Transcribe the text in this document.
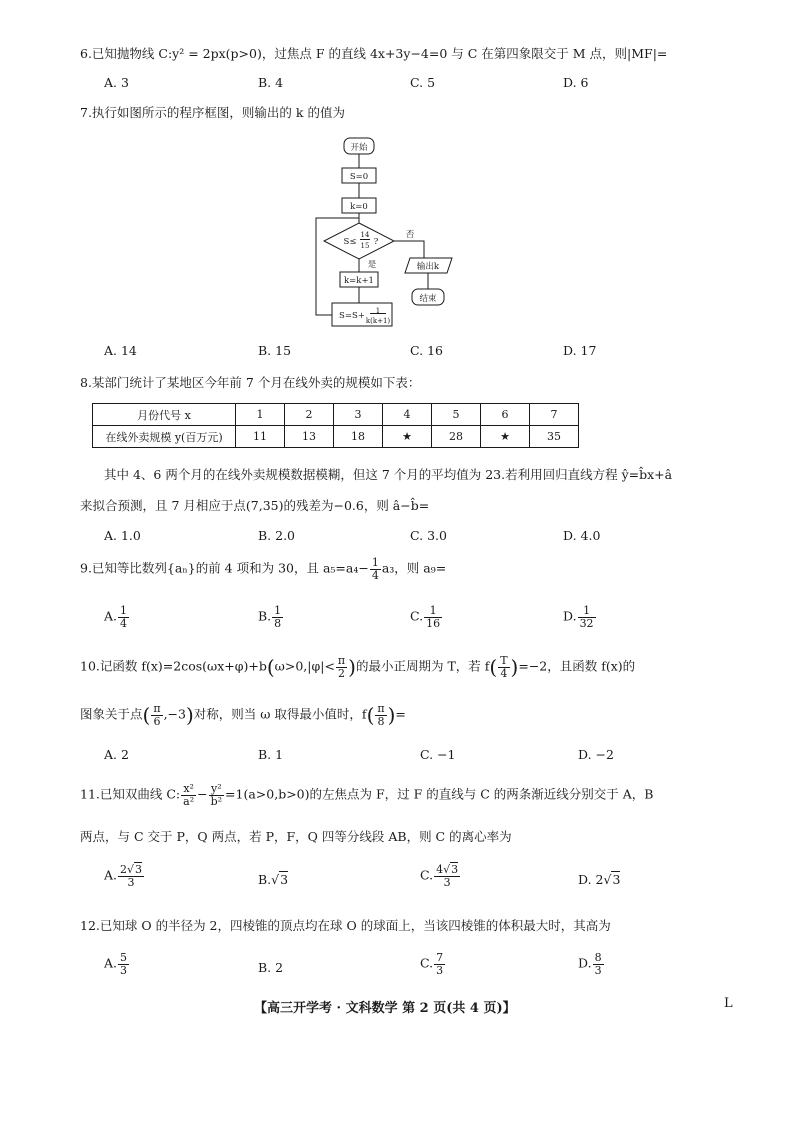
6.已知抛物线 C:y² = 2px(p>0)，过焦点 F 的直线 4x+3y−4=0 与 C 在第四象限交于 M 点，则|MF|=
A. 3	B. 4	C. 5	D. 6
7.执行如图所示的程序框图，则输出的 k 的值为
开始
S=0
k=0
S≤
14
15 ?
否
是
k=k+1
S=S+ 1
k(k+1)
输出k
结束
A. 14	B. 15	C. 16	D. 17
8.某部门统计了某地区今年前 7 个月在线外卖的规模如下表：
月份代号 x	1	2	3	4	5	6	7
在线外卖规模 y(百万元)	11	13	18	★	28	★	35
其中 4、6 两个月的在线外卖规模数据模糊，但这 7 个月的平均值为 23.若利用回归直线方程 ŷ=b̂x+â
来拟合预测，且 7 月相应于点(7,35)的残差为−0.6，则 â−b̂=
A. 1.0	B. 2.0	C. 3.0	D. 4.0
9.已知等比数列{aₙ}的前 4 项和为 30，且 $a_5=a_4- \frac{1}{4} a_3$，则 a₉=
A. $\frac{1}{4}$	B. $\frac{1}{8}$	C. $\frac{1}{16}$	D. $\frac{1}{32}$
10.记函数 $f(x)=2\cos(\omega x+\varphi)+b(\omega>0,|\varphi|< \frac{\pi}{2}$ )的最小正周期为 T，若 $f( \frac{T}{4} )=-2$，且函数 f(x)的
图象关于点( $\frac{\pi}{6} ,-3$)对称，则当 ω 取得最小值时，$f( \frac{\pi}{8}$ )=
A. 2	B. 1	C. −1	D. −2
11.已知双曲线 C: $\frac{\text{x²}}{\text{a²}} - \frac{\text{y²}}{\text{b²}} =1(a>0,b>0)$的左焦点为 F，过 F 的直线与 C 的两条渐近线分别交于 A，B
两点，与 C 交于 P，Q 两点，若 P，F，Q 四等分线段 AB，则 C 的离心率为
A. $\frac{2√3}{3}$	B.√3	C. $\frac{4√3}{3}$	D. 2√3
12.已知球 O 的半径为 2，四棱锥的顶点均在球 O 的球面上，当该四棱锥的体积最大时，其高为
A. $\frac{5}{3}$	B. 2	C. $\frac{7}{3}$	D. $\frac{8}{3}$
【高三开学考 · 文科数学 第 2 页(共 4 页)】	L
